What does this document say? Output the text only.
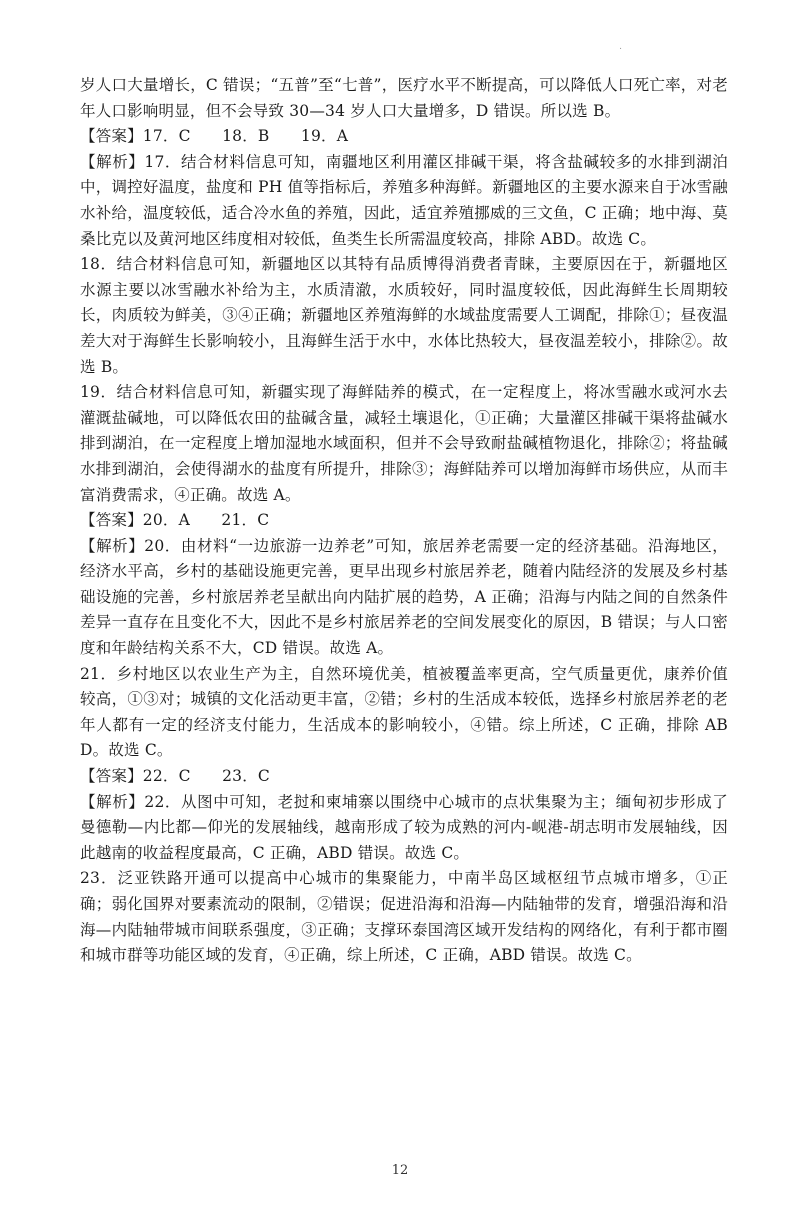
.

岁人口大量增长，C 错误；“五普”至“七普”，医疗水平不断提高，可以降低人口死亡率，对老年人口影响明显，但不会导致 30—34 岁人口大量增多，D 错误。所以选 B。

【答案】17．C　　18．B　　19．A

【解析】17．结合材料信息可知，南疆地区利用灌区排碱干渠，将含盐碱较多的水排到湖泊中，调控好温度，盐度和 PH 值等指标后，养殖多种海鲜。新疆地区的主要水源来自于冰雪融水补给，温度较低，适合冷水鱼的养殖，因此，适宜养殖挪威的三文鱼，C 正确；地中海、莫桑比克以及黄河地区纬度相对较低，鱼类生长所需温度较高，排除 ABD。故选 C。

18．结合材料信息可知，新疆地区以其特有品质博得消费者青睐，主要原因在于，新疆地区水源主要以冰雪融水补给为主，水质清澈，水质较好，同时温度较低，因此海鲜生长周期较长，肉质较为鲜美，③④正确；新疆地区养殖海鲜的水域盐度需要人工调配，排除①；昼夜温差大对于海鲜生长影响较小，且海鲜生活于水中，水体比热较大，昼夜温差较小，排除②。故选 B。

19．结合材料信息可知，新疆实现了海鲜陆养的模式，在一定程度上，将冰雪融水或河水去灌溉盐碱地，可以降低农田的盐碱含量，减轻土壤退化，①正确；大量灌区排碱干渠将盐碱水排到湖泊，在一定程度上增加湿地水域面积，但并不会导致耐盐碱植物退化，排除②；将盐碱水排到湖泊，会使得湖水的盐度有所提升，排除③；海鲜陆养可以增加海鲜市场供应，从而丰富消费需求，④正确。故选 A。

【答案】20．A　　21．C

【解析】20．由材料“一边旅游一边养老”可知，旅居养老需要一定的经济基础。沿海地区，经济水平高，乡村的基础设施更完善，更早出现乡村旅居养老，随着内陆经济的发展及乡村基础设施的完善，乡村旅居养老呈献出向内陆扩展的趋势，A 正确；沿海与内陆之间的自然条件差异一直存在且变化不大，因此不是乡村旅居养老的空间发展变化的原因，B 错误；与人口密度和年龄结构关系不大，CD 错误。故选 A。

21．乡村地区以农业生产为主，自然环境优美，植被覆盖率更高，空气质量更优，康养价值较高，①③对；城镇的文化活动更丰富，②错；乡村的生活成本较低，选择乡村旅居养老的老年人都有一定的经济支付能力，生活成本的影响较小，④错。综上所述，C 正确，排除 ABD。故选 C。

【答案】22．C　　23．C

【解析】22．从图中可知，老挝和柬埔寨以围绕中心城市的点状集聚为主；缅甸初步形成了曼德勒—内比都—仰光的发展轴线，越南形成了较为成熟的河内-岘港-胡志明市发展轴线，因此越南的收益程度最高，C 正确，ABD 错误。故选 C。

23．泛亚铁路开通可以提高中心城市的集聚能力，中南半岛区域枢纽节点城市增多，①正确；弱化国界对要素流动的限制，②错误；促进沿海和沿海—内陆轴带的发育，增强沿海和沿海—内陆轴带城市间联系强度，③正确；支撑环泰国湾区域开发结构的网络化，有利于都市圈和城市群等功能区域的发育，④正确，综上所述，C 正确，ABD 错误。故选 C。

12
